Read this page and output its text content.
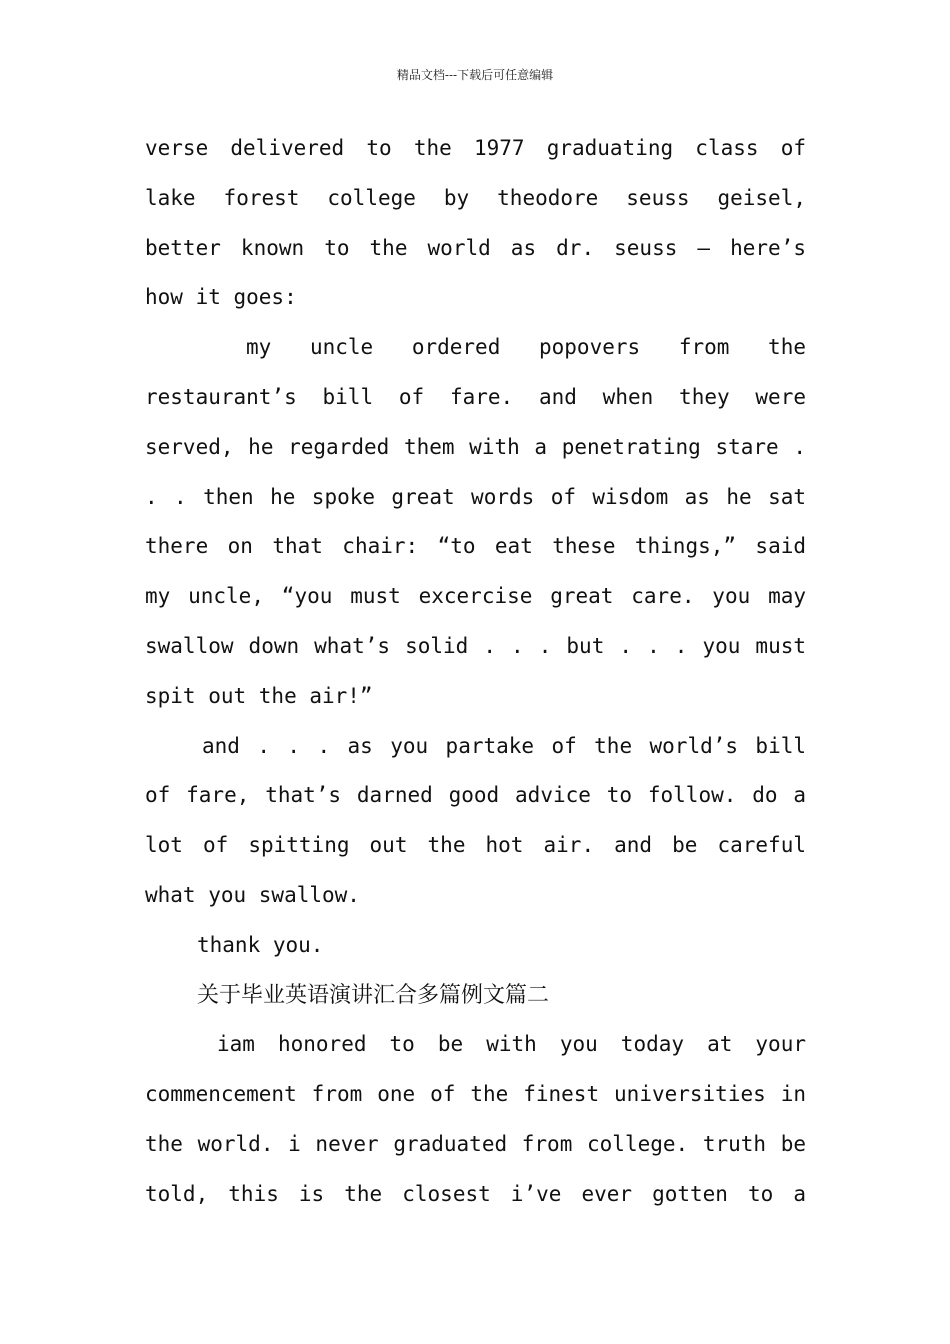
精品文档---下载后可任意编辑
verse delivered to the 1977 graduating class of
lake forest college by theodore seuss geisel,
better known to the world as dr. seuss – here’s
how it goes:
my uncle ordered popovers from the
restaurant’s bill of fare. and when they were
served, he regarded them with a penetrating stare .
. . then he spoke great words of wisdom as he sat
there on that chair: “to eat these things,” said
my uncle, “you must excercise great care. you may
swallow down what’s solid . . . but . . . you must
spit out the air!”
and . . . as you partake of the world’s bill
of fare, that’s darned good advice to follow. do a
lot of spitting out the hot air. and be careful
what you swallow.
thank you.
关于毕业英语演讲汇合多篇例文篇二
iam honored to be with you today at your
commencement from one of the finest universities in
the world. i never graduated from college. truth be
told, this is the closest i’ve ever gotten to a
